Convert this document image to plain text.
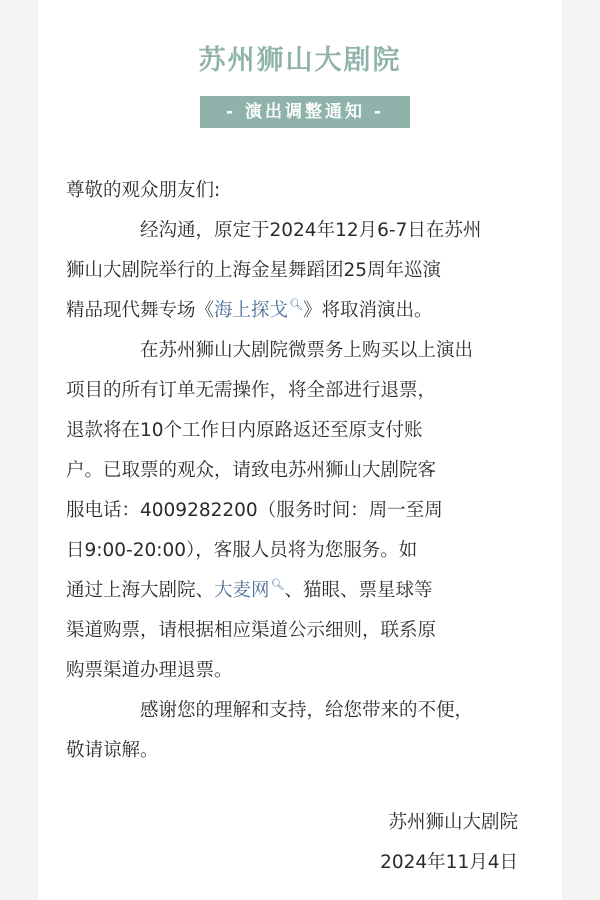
苏州狮山大剧院
- 演出调整通知 -
尊敬的观众朋友们:
经沟通，原定于2024年12月6-7日在苏州
狮山大剧院举行的上海金星舞蹈团25周年巡演
精品现代舞专场《海上探戈🔍︎》将取消演出。
在苏州狮山大剧院微票务上购买以上演出
项目的所有订单无需操作，将全部进行退票，
退款将在10个工作日内原路返还至原支付账
户。已取票的观众，请致电苏州狮山大剧院客
服电话：4009282200（服务时间：周一至周
日9:00-20:00），客服人员将为您服务。如
通过上海大剧院、大麦网🔍︎、猫眼、票星球等
渠道购票，请根据相应渠道公示细则，联系原
购票渠道办理退票。
感谢您的理解和支持，给您带来的不便，
敬请谅解。
苏州狮山大剧院
2024年11月4日
